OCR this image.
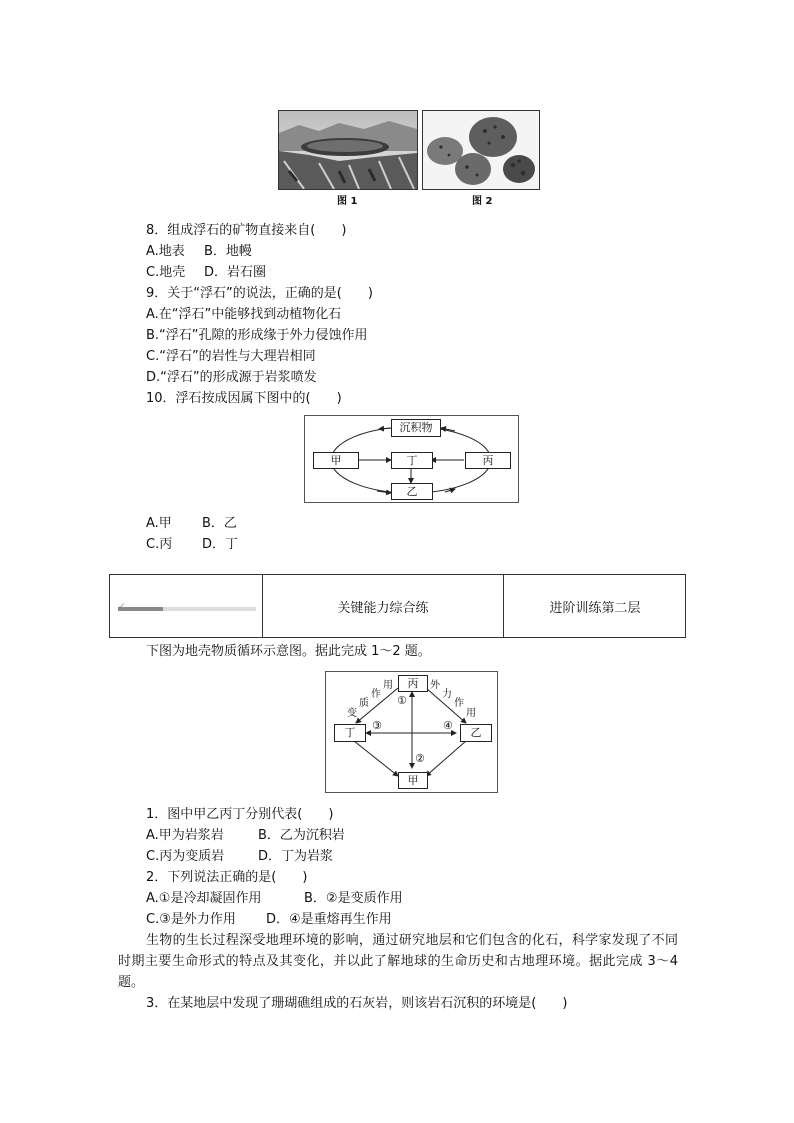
图 1	图 2
8．组成浮石的矿物直接来自(　　)
A.地表 B．地幔
C.地壳 D．岩石圈
9．关于“浮石”的说法，正确的是(　　)
A.在“浮石”中能够找到动植物化石
B.“浮石”孔隙的形成缘于外力侵蚀作用
C.“浮石”的岩性与大理岩相同
D.“浮石”的形成源于岩浆喷发
10．浮石按成因属下图中的(　　)
沉积物
甲	丁	丙
乙
A.甲 B．乙
C.丙 D．丁
✓	关键能力综合练	进阶训练第二层
下图为地壳物质循环示意图。据此完成 1～2 题。
丙
丁	乙
甲
①
②
③	④
变
质
作
用	外
力
作
用
1．图中甲乙丙丁分别代表(　　)
A.甲为岩浆岩	B．乙为沉积岩
C.丙为变质岩	D．丁为岩浆
2．下列说法正确的是(　　)
A.①是冷却凝固作用	B．②是变质作用
C.③是外力作用 D．④是重熔再生作用
生物的生长过程深受地理环境的影响，通过研究地层和它们包含的化石，科学家发现了不同时期主要生命形式的特点及其变化，并以此了解地球的生命历史和古地理环境。据此完成 3～4 题。
3．在某地层中发现了珊瑚礁组成的石灰岩，则该岩石沉积的环境是(　　)
